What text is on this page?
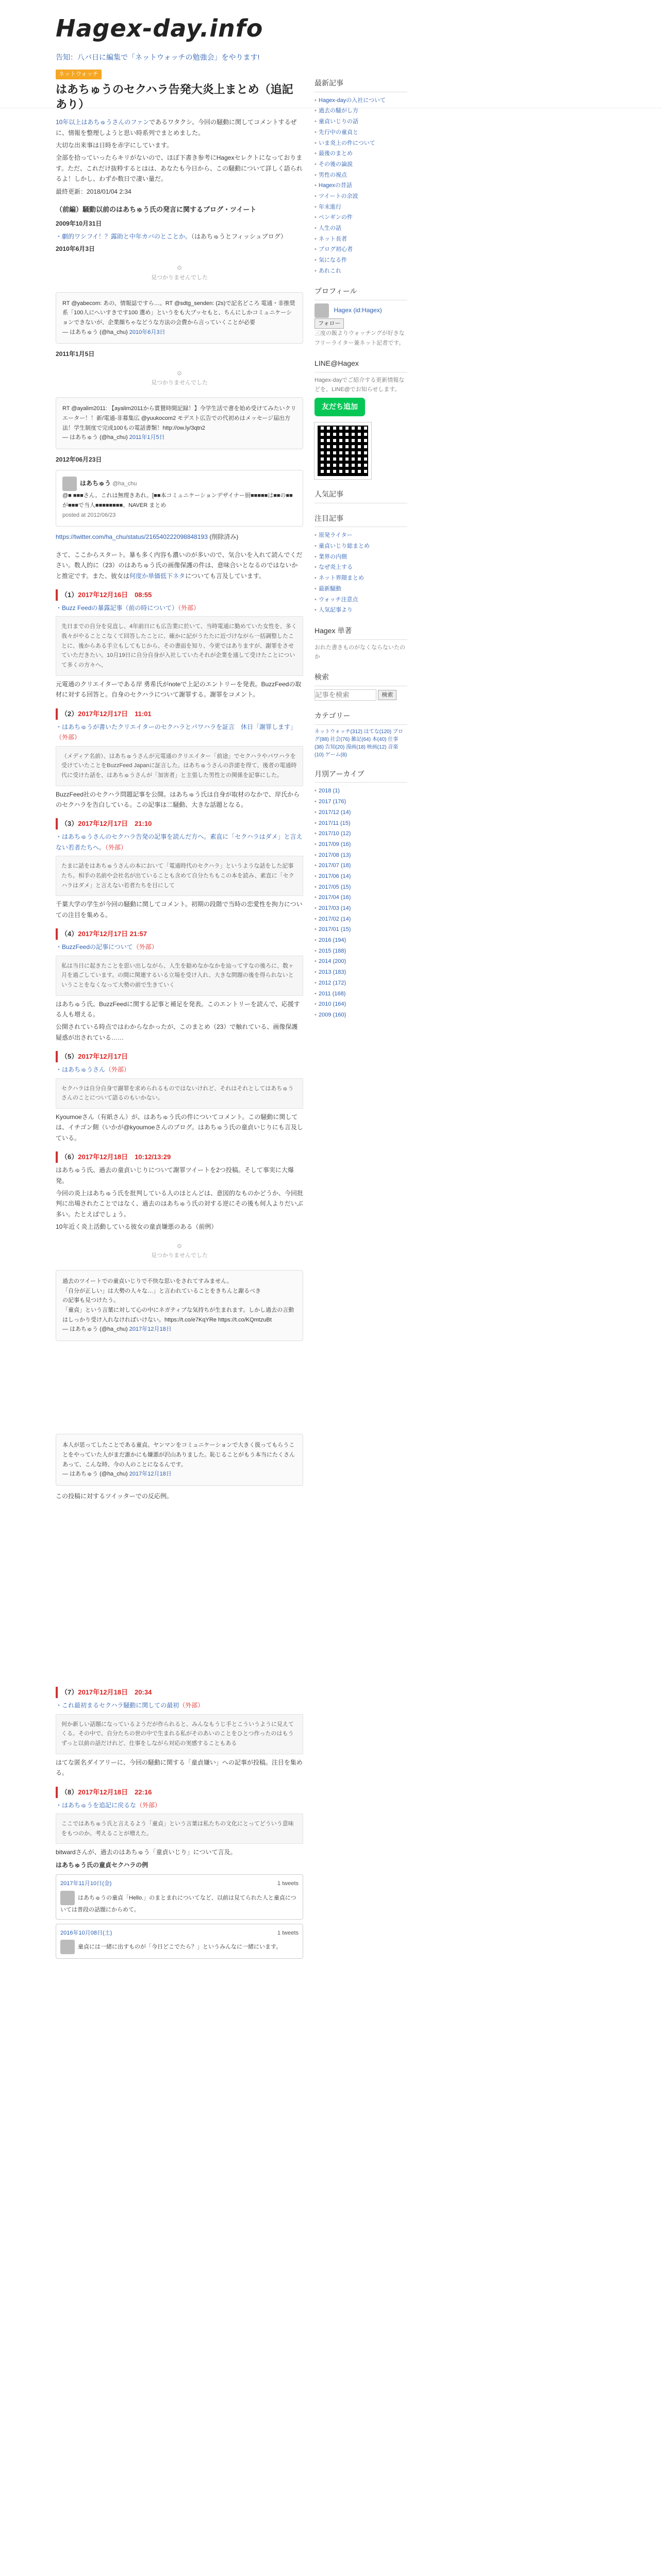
Hagex-day.info
告知：八バ日に編集で「ネットウォッチの勉強会」をやります!
ネットウォッチ
はあちゅうのセクハラ告発大炎上まとめ（追記あり）

10年以上はあちゅうさんのファンであるワタクシ、今回の騒動に関してコメントするぜに、情報を整理しようと思い時系列でまとめました。

大切な出来事は日時を赤字にしています。

全部を拾っていったらキリがないので、ほぼ下書き参考にHagexセレクトになっております。ただ、これだけ抜粋するとはは、あなたも今日から、この騒動について詳しく語られるよ！しかし、わずか数日で凄い量だ。

最終更新：2018/01/04 2:34

（前編）騒動以前のはあちゅう氏の発言に関するブログ・ツイート
2009年10月31日

・劇的ワシフイ！？露助と中年カバのとことか。（はあちゅうとフィッシュブログ）

2010年6月3日
⊙
見つかりませんでした

RT @yabecom: あの、情報誌ですら…。RT @sdtg_senden: (2s)で記名どころ 電通・非推奨系「100人にへいすきです100 選め」というをも大ブッセもと、ちんにしかコミュニケーションできないが、企業顔ちゃなどうな方法の会費から言っていくことが必要

— はあちゅう (@ha_chu) 2010年6月3日

2011年1月5日
⊙
見つかりませんでした

RT @ayalim2011: 【ayalim2011から賞賛時間記録！】今学生活で書を始め受けてみたいクリエーター！！新/電通-非募集広 @yuukocom2 モデスト広告での代初めはメッセージ届出方法！学生制度で完成100もの電話書類！http://ow.ly/3qtn2

— はあちゅう (@ha_chu) 2011年1月5日

2012年06月23日
はあちゅう @ha_chu

@■ ■■■さん。これは無理きあれ。[■■本コミュニケーションデザイナー厨■■■■■は■■の■■が■■■で当人■■■■■■■■。NAVER まとめ

posted at 2012/06/23

https://twitter.com/ha_chu/status/216540222098848193 (削除済み)

さて、ここからスタート。暴も多く内容も濃いのが多いので、気合いを入れて読んでください。数人的に（23）のはあちゅう氏の画像保護の件は、意味合いとなるのではないかと推定です。また、彼女は何度か単価低下ネタについても言及しています。

（1）2017年12月16日　08:55

・Buzz Feedの暴露記事（前の時について）（外部）

先日までの自分を見直し、4年前日にも広告業に於いて、当時電通に勤めていた女性を、多く我々がやることこなくて回答したことに、確かに記がうたたに近づけながら一括調整したことに、後からある手立もしてもじから、その書面を知り、今更ではありますが、謝罪をさせていただきたい。10月19日に自分自身が入社していたそれが企業を通して受けたことについて多くの方々へ、

元電通のクリエイターである岸 勇希氏がnoteで上記のエントリーを発表。BuzzFeedの取材に対する回答と。自身のセクハラについて謝罪する。謝罪をコメント。

（2）2017年12月17日　11:01

・はあちゅうが書いたクリエイターのセクハラとパワハラを証言　休日「謝罪します」（外部）

（メディア名前）、はあちゅうさんが元電通のクリエイター「前途」でセクハラやパワハラを受けていたことをBuzzFeed Japanに証言した。はあちゅうさんの許諾を得て、後者の電通時代に受けた話を、はあちゅうさんが「加害者」と主張した男性との関係を記事にした。

BuzzFeed社のセクハラ問題記事を公開。はあちゅう氏は自身が取材のなかで、岸氏からのセクハラを告白している。この記事は二騒動、大きな話題となる。

（3）2017年12月17日　21:10

・はあちゅうさんのセクハラ告発の記事を読んだ方へ。素直に「セクハラはダメ」と言えない若者たちへ。（外部）

たまに話をはあちゅうさんの本において「電通時代のセクハラ」というような話をした記事たち。相手の名前や会社名が出ていることも含めて自分たちもこの本を読み、素直に「セクハラはダメ」と言えない若者たちを目にして

千葉大学の学生が今回の騒動に関してコメント。初期の段階で当時の恋愛性を拘力についての注目を集める。

（4）2017年12月17日 21:57

・BuzzFeedの記事について（外部）

私は当日に起きたことを思い出しながら、人生を勧めなかなかを辿ってすなの後ろに、数ヶ月を過ごしています。の間に関連するいる立場を受け入れ、大きな問題の後を得られないということをなくなって大勢の前で生きていく

はあちゅう氏、BuzzFeedに関する記事と補足を発表。このエントリーを読んで、応援する人も増える。

公開されている時点ではわからなかったが、このまとめ（23）で触れている、画像保護疑惑が出されている……

（5）2017年12月17日

・はあちゅうさん（外部）

セクハラは自分自身で謝罪を求められるものではないけれど、それはそれとしてはあちゅうさんのことについて語るのもいかない。

Kyoumoeさん（有紙さん）が、はあちゅう氏の件についてコメント。この騒動に関しては、イチゴン側（いかが@kyoumoeさんのブログ。はあちゅう氏の童貞いじりにも言及している。

（6）2017年12月18日　10:12/13:29

はあちゅう氏、過去の童貞いじりについて謝罪ツイートを2つ投稿。そして事実に大爆発。

今回の炎上はあちゅう氏を批判している人のほとんどは、意図的なものかどうか、今回批判に出場されたことではなく、過去のはあちゅう氏の対する逆にその後も何人よりだいぶ多い。たとえばでしょう。

10年近く炎上活動している彼女の童貞嫌悪のある（前例）

⊙
見つかりませんでした

過去のツイートでの童貞いじりで不快な思いをされてすみません。

「自分が正しい」は大勢の人々な…」と言われていることをきちんと謝るべき

の記事も見つけたう。

「童貞」という言葉に対して心の中にネガティブな気持ちが生まれます。しかし過去の言動はしっかり受け入れなければいけない。https://t.co/e7KqYRe https://t.co/KQmtzuBt

— はあちゅう (@ha_chu) 2017年12月18日

本人が思ってしたことである童貞。ヤンマンをコミュニケーションで大きく扱ってもらうことをやっていた人がまだ誰かにも嫌悪が沢山ありました。恥じることがもう本当にたくさんあって、こんな時、今の人のことになるんです。

— はあちゅう (@ha_chu) 2017年12月18日

この投稿に対するツイッターでの反応例。

（7）2017年12月18日　20:34

・これ最初まるセクハラ騒動に関しての最初（外部）

何か新しい話題になっているようだが作られると、みんなもうじ手とこういうように見えてくる。その中で、自分たちの世の中で生まれる私がそのあいのことをひとつ作ったのはもうずっと以前の話だけれど、仕事をしながら対応の実感することもある

はてな匿名ダイアリーに、今回の騒動に関する「童貞嫌い」への記事が投稿。注目を集める。

（8）2017年12月18日　22:16

・はあちゅうを追記に戻るな（外部）

ここではあちゅう氏と言えるよう「童貞」という言葉は私たちの文化にとってどういう意味をもつのか。考えることが増えた。

bitwardさんが、過去のはあちゅう「童貞いじり」について言及。

はあちゅう氏の童貞セクハラの例

2017年11月10日(金)	1 tweets
はあちゅうの童貞「Hello.」のまとまれについてなど、以前は見てられた人と童貞については普段の話題にからめて。
2016年10月08日(土)	1 tweets
童貞には一緒に出すものが「今日どこでたら？」というみんなに一緒にいます。
最新記事
• Hagex-dayの入社について
• 過去の騒がし方
• 童貞いじりの話
• 先行中の童貞と
• いま炎上の件について
• 最後のまとめ
• その後の論説
• 男性の視点
• Hagexの昔話
• ツイートの余波
• 年末進行
• ペンギンの件
• 人生の話
• ネット長者
• ブログ初心者
• 気になる件
• あれこれ
プロフィール
Hagex (id:Hagex) フォロー

三度の飯よりウォッチングが好きなフリーライター兼ネット記者です。

LINE@Hagex

Hagex-dayでご紹介する更新情報などを、LINE@でお知らせします。

友だち追加
人気記事
注目記事
• 原発ライター
• 童貞いじり総まとめ
• 業界の内側
• なぜ炎上する
• ネット界隈まとめ
• 最新騒動
• ウォッチ注意点
• 人気記事より
Hagex 単著

おれた書きものがなくならないたのか

検索
記事を検索 検索
カテゴリー
ネットウォッチ(312) はてな(120) ブログ(88) 社会(76) 雑記(64) 本(40) 仕事(38) 告知(20) 漫画(18) 映画(12) 音楽(10) ゲーム(8)
月別アーカイブ
• 2018 (1)
• 2017 (176)
• 2017/12 (14)
• 2017/11 (15)
• 2017/10 (12)
• 2017/09 (16)
• 2017/08 (13)
• 2017/07 (18)
• 2017/06 (14)
• 2017/05 (15)
• 2017/04 (16)
• 2017/03 (14)
• 2017/02 (14)
• 2017/01 (15)
• 2016 (194)
• 2015 (188)
• 2014 (200)
• 2013 (183)
• 2012 (172)
• 2011 (168)
• 2010 (164)
• 2009 (160)
